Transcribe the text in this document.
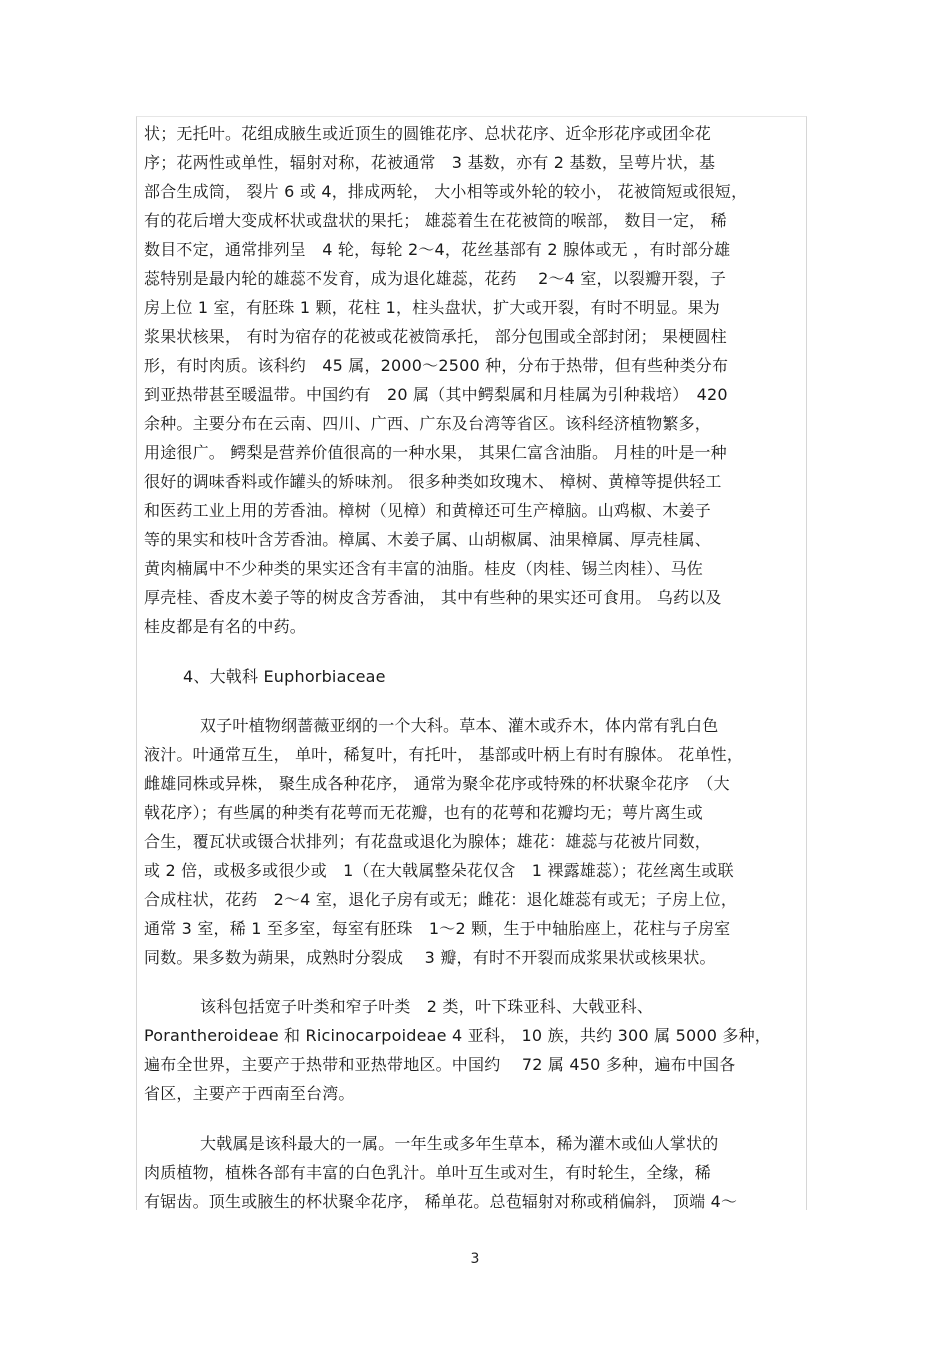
状；无托叶。花组成腋生或近顶生的圆锥花序、总状花序、近伞形花序或团伞花
序；花两性或单性，辐射对称，花被通常　3 基数，亦有 2 基数，呈萼片状，基
部合生成筒， 裂片 6 或 4，排成两轮， 大小相等或外轮的较小， 花被筒短或很短，
有的花后增大变成杯状或盘状的果托； 雄蕊着生在花被筒的喉部， 数目一定， 稀
数目不定，通常排列呈　4 轮，每轮 2～4，花丝基部有 2 腺体或无 ，有时部分雄
蕊特别是最内轮的雄蕊不发育，成为退化雄蕊，花药　 2～4 室，以裂瓣开裂，子
房上位 1 室，有胚珠 1 颗，花柱 1，柱头盘状，扩大或开裂，有时不明显。果为
浆果状核果， 有时为宿存的花被或花被筒承托， 部分包围或全部封闭； 果梗圆柱
形，有时肉质。该科约　45 属，2000～2500 种，分布于热带，但有些种类分布
到亚热带甚至暖温带。中国约有　20 属（其中鳄梨属和月桂属为引种栽培）　420
余种。主要分布在云南、四川、广西、广东及台湾等省区。该科经济植物繁多，
用途很广。 鳄梨是营养价值很高的一种水果， 其果仁富含油脂。 月桂的叶是一种
很好的调味香料或作罐头的矫味剂。 很多种类如玫瑰木、 樟树、黄樟等提供轻工
和医药工业上用的芳香油。樟树（见樟）和黄樟还可生产樟脑。山鸡椒、木姜子
等的果实和枝叶含芳香油。樟属、木姜子属、山胡椒属、油果樟属、厚壳桂属、
黄肉楠属中不少种类的果实还含有丰富的油脂。桂皮（肉桂、锡兰肉桂）、马佐
厚壳桂、香皮木姜子等的树皮含芳香油， 其中有些种的果实还可食用。 乌药以及
桂皮都是有名的中药。
4、大戟科 Euphorbiaceae
双子叶植物纲蔷薇亚纲的一个大科。草本、灌木或乔木，体内常有乳白色
液汁。叶通常互生， 单叶，稀复叶，有托叶， 基部或叶柄上有时有腺体。 花单性，
雌雄同株或异株， 聚生成各种花序， 通常为聚伞花序或特殊的杯状聚伞花序　（大
戟花序）；有些属的种类有花萼而无花瓣，也有的花萼和花瓣均无；萼片离生或
合生，覆瓦状或镊合状排列；有花盘或退化为腺体；雄花：雄蕊与花被片同数，
或 2 倍，或极多或很少或　1（在大戟属整朵花仅含　1 裸露雄蕊）；花丝离生或联
合成柱状，花药　2～4 室，退化子房有或无；雌花：退化雄蕊有或无；子房上位，
通常 3 室，稀 1 至多室，每室有胚珠　1～2 颗，生于中轴胎座上，花柱与子房室
同数。果多数为蒴果，成熟时分裂成　 3 瓣，有时不开裂而成浆果状或核果状。
该科包括宽子叶类和窄子叶类　2 类，叶下珠亚科、大戟亚科、
Porantheroideae 和 Ricinocarpoideae 4 亚科， 10 族，共约 300 属 5000 多种，
遍布全世界，主要产于热带和亚热带地区。中国约　 72 属 450 多种，遍布中国各
省区，主要产于西南至台湾。
大戟属是该科最大的一属。一年生或多年生草本，稀为灌木或仙人掌状的
肉质植物，植株各部有丰富的白色乳汁。单叶互生或对生，有时轮生，全缘，稀
有锯齿。顶生或腋生的杯状聚伞花序， 稀单花。总苞辐射对称或稍偏斜， 顶端 4～
3
